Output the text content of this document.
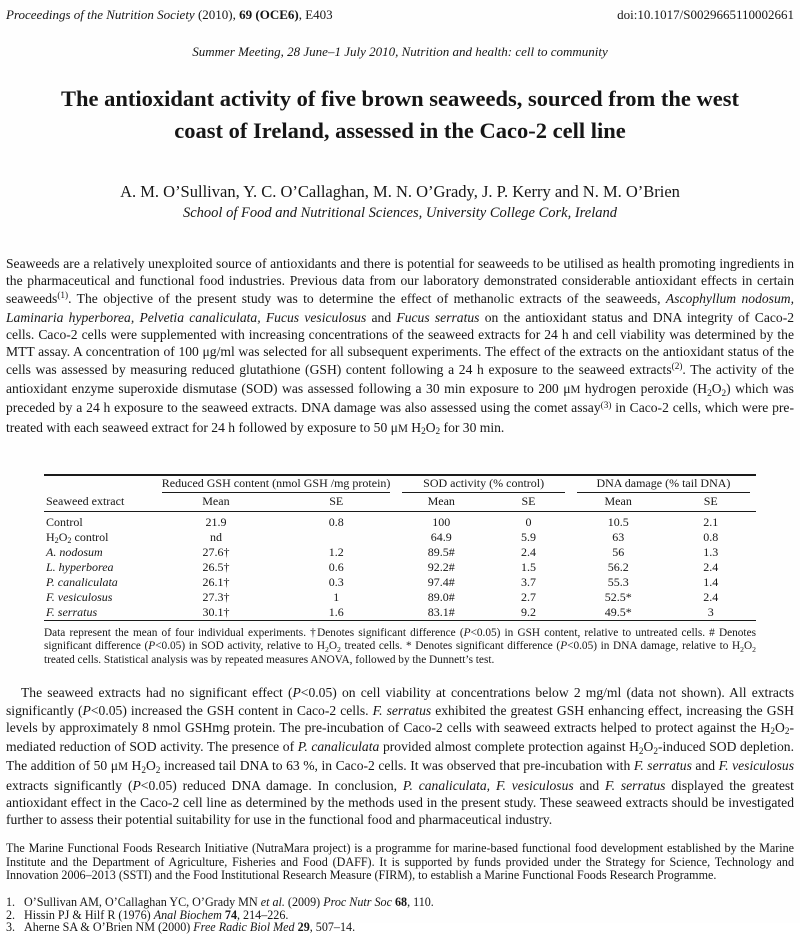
Proceedings of the Nutrition Society (2010), 69 (OCE6), E403	doi:10.1017/S0029665110002661
Summer Meeting, 28 June–1 July 2010, Nutrition and health: cell to community
The antioxidant activity of five brown seaweeds, sourced from the west coast of Ireland, assessed in the Caco-2 cell line
A. M. O’Sullivan, Y. C. O’Callaghan, M. N. O’Grady, J. P. Kerry and N. M. O’Brien
School of Food and Nutritional Sciences, University College Cork, Ireland

Seaweeds are a relatively unexploited source of antioxidants and there is potential for seaweeds to be utilised as health promoting ingredients in the pharmaceutical and functional food industries. Previous data from our laboratory demonstrated considerable antioxidant effects in certain seaweeds$^{(1)}$. The objective of the present study was to determine the effect of methanolic extracts of the seaweeds, Ascophyllum nodosum, Laminaria hyperborea, Pelvetia canaliculata, Fucus vesiculosus and Fucus serratus on the antioxidant status and DNA integrity of Caco-2 cells. Caco-2 cells were supplemented with increasing concentrations of the seaweed extracts for 24 h and cell viability was determined by the MTT assay. A concentration of 100 μg/ml was selected for all subsequent experiments. The effect of the extracts on the antioxidant status of the cells was assessed by measuring reduced glutathione (GSH) content following a 24 h exposure to the seaweed extracts$^{(2)}$. The activity of the antioxidant enzyme superoxide dismutase (SOD) was assessed following a 30 min exposure to 200 μM hydrogen peroxide (H2O2) which was preceded by a 24 h exposure to the seaweed extracts. DNA damage was also assessed using the comet assay$^{(3)}$ in Caco-2 cells, which were pre-treated with each seaweed extract for 24 h followed by exposure to 50 μM H2O2 for 30 min.

	Reduced GSH content (nmol GSH /mg protein)		SOD activity (% control)		DNA damage (% tail DNA)	

Seaweed extract	Mean	SE	Mean	SE	Mean	SE
Control	21.9	0.8	100	0	10.5	2.1
H2O2 control	nd		64.9	5.9	63	0.8
A. nodosum	27.6†	1.2	89.5#	2.4	56	1.3
L. hyperborea	26.5†	0.6	92.2#	1.5	56.2	2.4
P. canaliculata	26.1†	0.3	97.4#	3.7	55.3	1.4
F. vesiculosus	27.3†	1	89.0#	2.7	52.5*	2.4
F. serratus	30.1†	1.6	83.1#	9.2	49.5*	3
Data represent the mean of four individual experiments. †Denotes significant difference (P<0.05) in GSH content, relative to untreated cells. # Denotes significant difference (P<0.05) in SOD activity, relative to H2O2 treated cells. * Denotes significant difference (P<0.05) in DNA damage, relative to H2O2 treated cells. Statistical analysis was by repeated measures ANOVA, followed by the Dunnett’s test.

The seaweed extracts had no significant effect (P<0.05) on cell viability at concentrations below 2 mg/ml (data not shown). All extracts significantly (P<0.05) increased the GSH content in Caco-2 cells. F. serratus exhibited the greatest GSH enhancing effect, increasing the GSH levels by approximately 8 nmol GSHmg protein. The pre-incubation of Caco-2 cells with seaweed extracts helped to protect against the H2O2-mediated reduction of SOD activity. The presence of P. canaliculata provided almost complete protection against H2O2-induced SOD depletion. The addition of 50 μM H2O2 increased tail DNA to 63 %, in Caco-2 cells. It was observed that pre-incubation with F. serratus and F. vesiculosus extracts significantly (P<0.05) reduced DNA damage. In conclusion, P. canaliculata, F. vesiculosus and F. serratus displayed the greatest antioxidant effect in the Caco-2 cell line as determined by the methods used in the present study. These seaweed extracts should be investigated further to assess their potential suitability for use in the functional food and pharmaceutical industry.

The Marine Functional Foods Research Initiative (NutraMara project) is a programme for marine-based functional food development established by the Marine Institute and the Department of Agriculture, Fisheries and Food (DAFF). It is supported by funds provided under the Strategy for Science, Technology and Innovation 2006–2013 (SSTI) and the Food Institutional Research Measure (FIRM), to establish a Marine Functional Foods Research Programme.

1. O’Sullivan AM, O’Callaghan YC, O’Grady MN et al. (2009) Proc Nutr Soc 68, 110.
2. Hissin PJ & Hilf R (1976) Anal Biochem 74, 214–226.
3. Aherne SA & O’Brien NM (2000) Free Radic Biol Med 29, 507–14.
